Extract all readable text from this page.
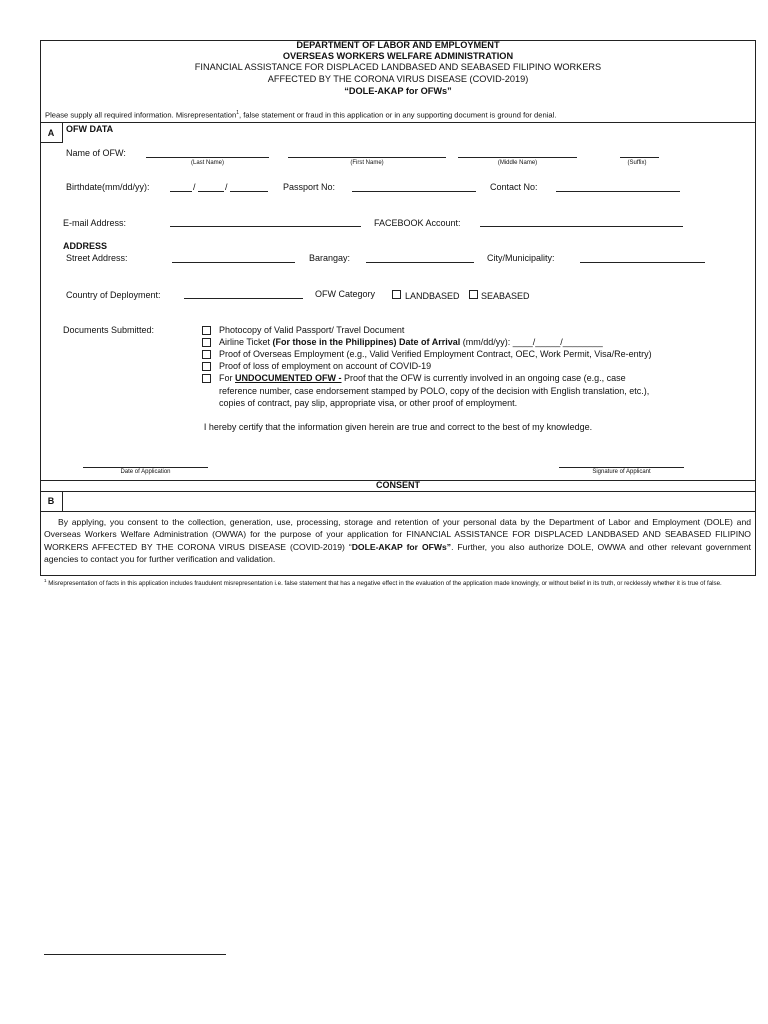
DEPARTMENT OF LABOR AND EMPLOYMENT
OVERSEAS WORKERS WELFARE ADMINISTRATION
FINANCIAL ASSISTANCE FOR DISPLACED LANDBASED AND SEABASED FILIPINO WORKERS
AFFECTED BY THE CORONA VIRUS DISEASE (COVID-2019)
“DOLE-AKAP for OFWs”
Please supply all required information. Misrepresentation$^1$, false statement or fraud in this application or in any supporting document is ground for denial.
A	OFW DATA
Name of OFW:
(Last Name)	(First Name)	(Middle Name)	(Suffix)
Birthdate(mm/dd/yy):	/	/	Passport No:	Contact No:
E-mail Address:	FACEBOOK Account:
ADDRESS
Street Address:	Barangay:	City/Municipality:
Country of Deployment:	OFW Category	LANDBASED SEABASED
Documents Submitted:	Photocopy of Valid Passport/ Travel Document
Airline Ticket (For those in the Philippines) Date of Arrival (mm/dd/yy): ____/_____/________
Proof of Overseas Employment (e.g., Valid Verified Employment Contract, OEC, Work Permit, Visa/Re-entry)
Proof of loss of employment on account of COVID-19
For UNDOCUMENTED OFW - Proof that the OFW is currently involved in an ongoing case (e.g., case
reference number, case endorsement stamped by POLO, copy of the decision with English translation, etc.),
copies of contract, pay slip, appropriate visa, or other proof of employment.
I hereby certify that the information given herein are true and correct to the best of my knowledge.
Date of Application	Signature of Applicant
CONSENT
B
By applying, you consent to the collection, generation, use, processing, storage and retention of your personal data by the Department of Labor and Employment (DOLE) and Overseas Workers Welfare Administration (OWWA) for the purpose of your application for FINANCIAL ASSISTANCE FOR DISPLACED LANDBASED AND SEABASED FILIPINO WORKERS AFFECTED BY THE CORONA VIRUS DISEASE (COVID-2019) “DOLE-AKAP for OFWs”. Further, you also authorize DOLE, OWWA and other relevant government agencies to contact you for further verification and validation.
$^1$ Misrepresentation of facts in this application includes fraudulent misrepresentation i.e. false statement that has a negative effect in the evaluation of the application made knowingly, or without belief in its truth, or recklessly whether it is true of false.
